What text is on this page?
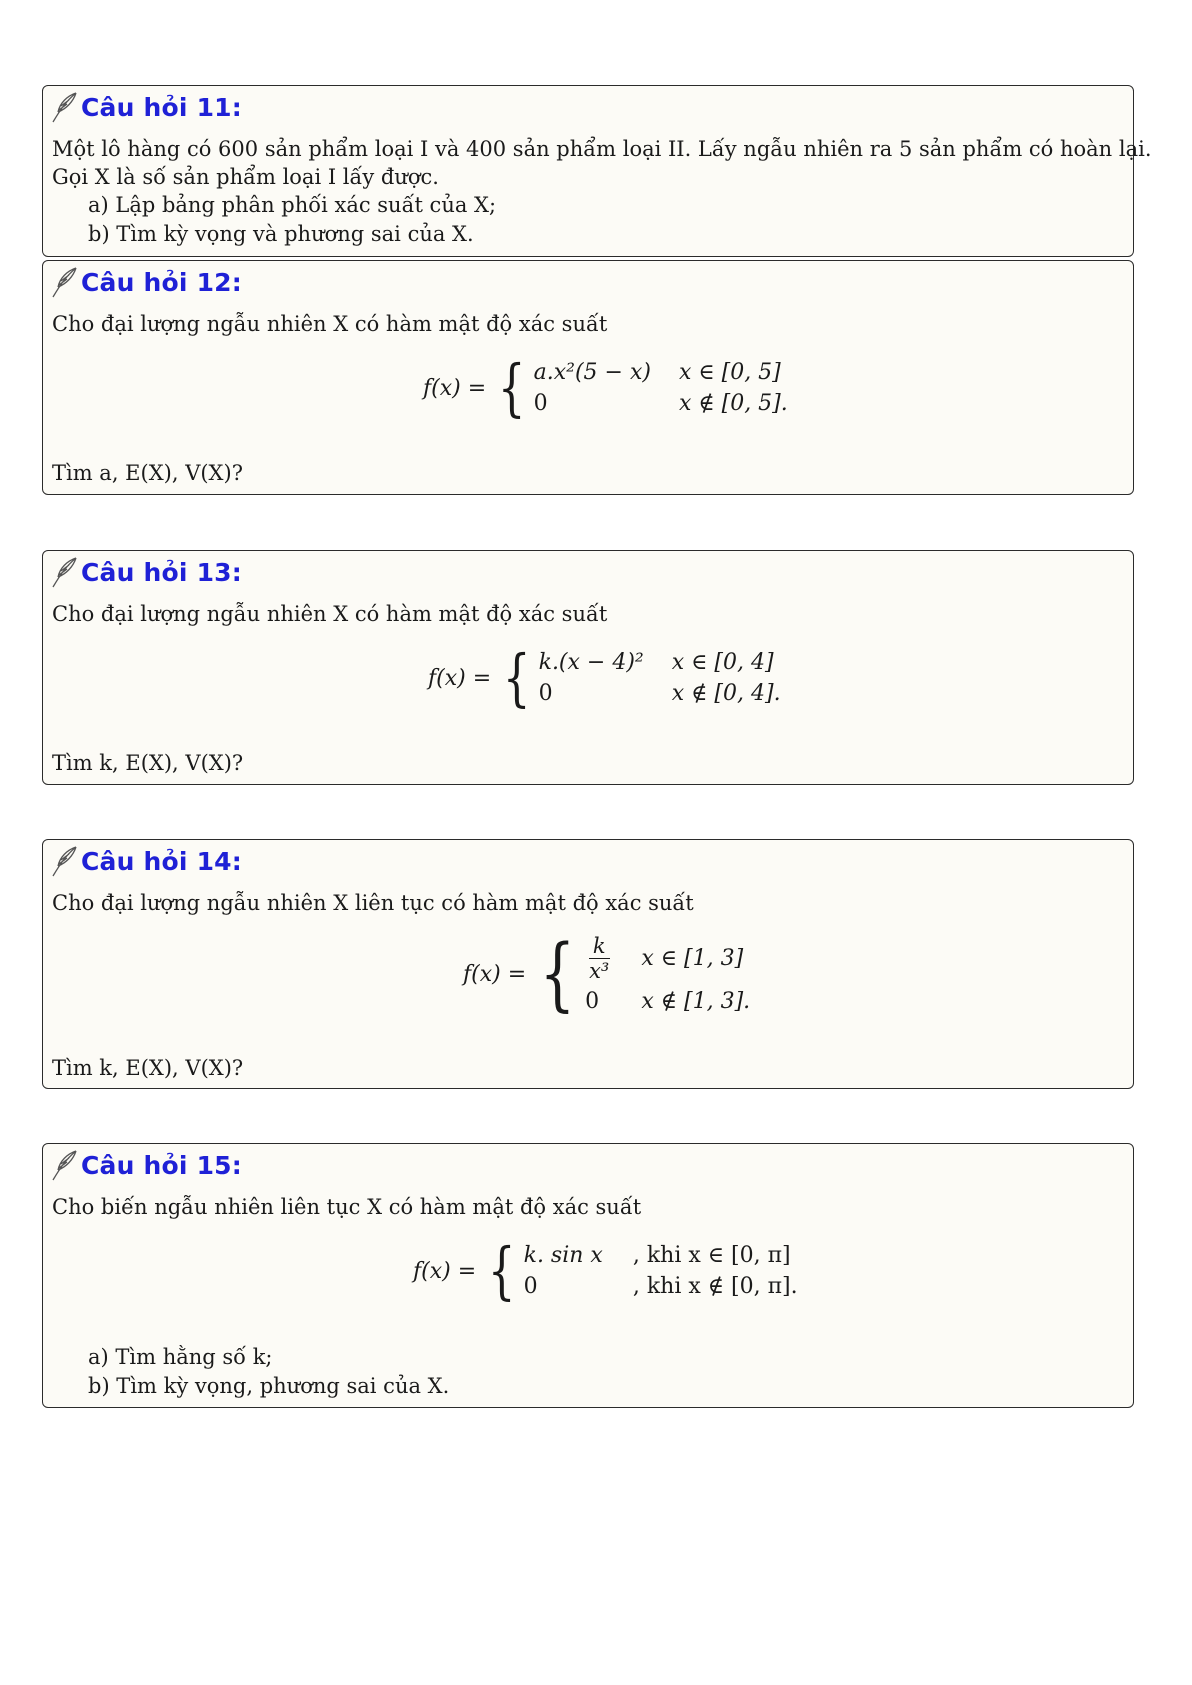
Câu hỏi 11:
Một lô hàng có 600 sản phẩm loại I và 400 sản phẩm loại II. Lấy ngẫu nhiên ra 5 sản phẩm có hoàn lại.
Gọi X là số sản phẩm loại I lấy được.
a) Lập bảng phân phối xác suất của X;
b) Tìm kỳ vọng và phương sai của X.
Câu hỏi 12:
Cho đại lượng ngẫu nhiên X có hàm mật độ xác suất
f(x) = { a.x²(5 − x) x ∈ [0, 5]
0	x ∉ [0, 5].
Tìm a, E(X), V(X)?
Câu hỏi 13:
Cho đại lượng ngẫu nhiên X có hàm mật độ xác suất
f(x) = { k.(x − 4)² x ∈ [0, 4]
0	x ∉ [0, 4].
Tìm k, E(X), V(X)?
Câu hỏi 14:
Cho đại lượng ngẫu nhiên X liên tục có hàm mật độ xác suất
f(x) = { $\frac{k}{\text{x³}}$ x ∈ [1, 3]
0	x ∉ [1, 3].
Tìm k, E(X), V(X)?
Câu hỏi 15:
Cho biến ngẫu nhiên liên tục X có hàm mật độ xác suất
f(x) = { k. sin x , khi x ∈ [0, π]
0	, khi x ∉ [0, π].
a) Tìm hằng số k;
b) Tìm kỳ vọng, phương sai của X.
